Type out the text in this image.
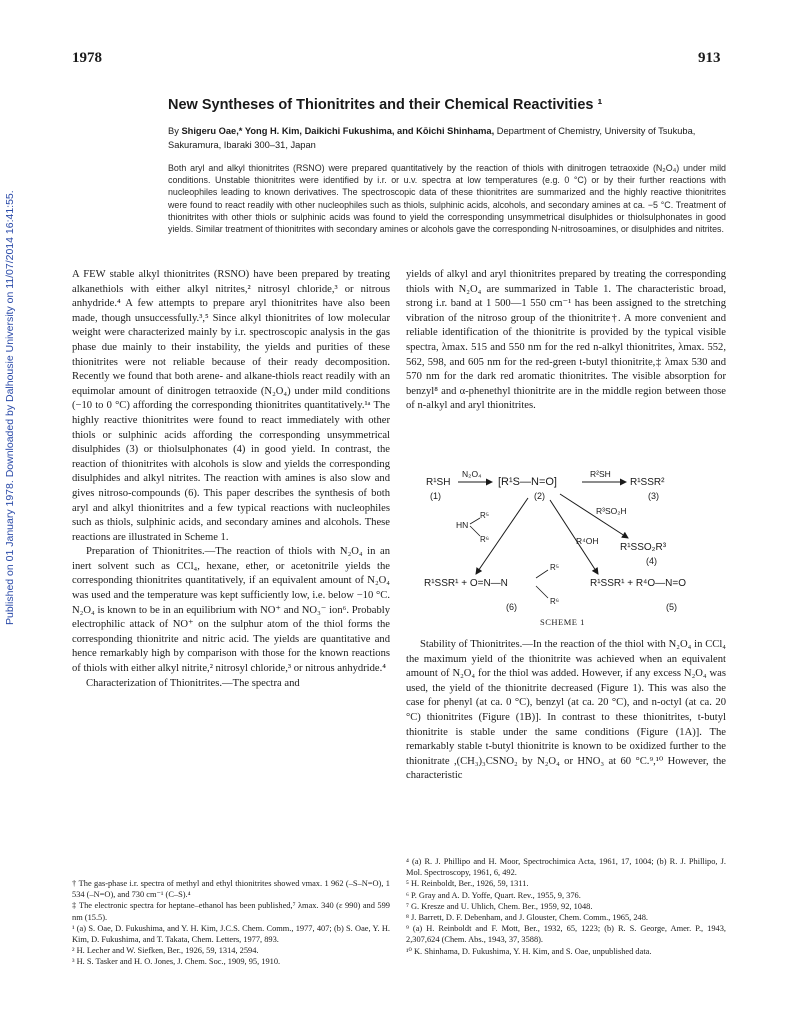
1978	913
Published on 01 January 1978. Downloaded by Dalhousie University on 11/07/2014 16:41:55.
New Syntheses of Thionitrites and their Chemical Reactivities ¹
By Shigeru Oae,* Yong H. Kim, Daikichi Fukushima, and Kōichi Shinhama, Department of Chemistry, University of Tsukuba, Sakuramura, Ibaraki 300–31, Japan
Both aryl and alkyl thionitrites (RSNO) were prepared quantitatively by the reaction of thiols with dinitrogen tetraoxide (N₂O₄) under mild conditions. Unstable thionitrites were identified by i.r. or u.v. spectra at low temperatures (e.g. 0 °C) or by their further reactions with nucleophiles leading to known derivatives. The spectroscopic data of these thionitrites are summarized and the highly reactive thionitrites were found to react readily with other nucleophiles such as thiols, sulphinic acids, alcohols, and secondary amines at ca. −5 °C. Treatment of thionitrites with other thiols or sulphinic acids was found to yield the corresponding unsymmetrical disulphides or thiolsulphonates in good yields. Similar treatment of thionitrites with secondary amines or alcohols gave the corresponding N-nitrosoamines, or disulphides and nitrites.

A FEW stable alkyl thionitrites (RSNO) have been prepared by treating alkanethiols with either alkyl nitrites,² nitrosyl chloride,³ or nitrous anhydride.⁴ A few attempts to prepare aryl thionitrites have also been made, though unsuccessfully.³,⁵ Since alkyl thionitrites of low molecular weight were characterized mainly by i.r. spectroscopic analysis in the gas phase due mainly to their instability, the yields and purities of these thionitrites were not reliable because of their ready decomposition. Recently we found that both arene- and alkane-thiols react readily with an equimolar amount of dinitrogen tetraoxide (N₂O₄) under mild conditions (−10 to 0 °C) affording the corresponding thionitrites quantitatively.¹ᵃ The highly reactive thionitrites were found to react immediately with other thiols or sulphinic acids affording the corresponding unsymmetrical disulphides (3) or thiolsulphonates (4) in good yield. In contrast, the reaction of thionitrites with alcohols is slow and yields the corresponding disulphides and alkyl nitrites. The reaction with amines is also slow and gives nitroso-compounds (6). This paper describes the synthesis of both aryl and alkyl thionitrites and a few typical reactions with nucleophiles such as thiols, sulphinic acids, and secondary amines and alcohols. These reactions are illustrated in Scheme 1.

Preparation of Thionitrites.—The reaction of thiols with N₂O₄ in an inert solvent such as CCl₄, hexane, ether, or acetonitrile yields the corresponding thionitrites quantitatively, if an equivalent amount of N₂O₄ was used and the temperature was kept sufficiently low, i.e. below −10 °C. N₂O₄ is known to be in an equilibrium with NO⁺ and NO₃⁻ ion⁶. Probably electrophilic attack of NO⁺ on the sulphur atom of the thiol forms the corresponding thionitrite and nitric acid. The yields are quantitative and hence remarkably high by comparison with those for the known reactions of thiols with either alkyl nitrite,² nitrosyl chloride,³ or nitrous anhydride.⁴

Characterization of Thionitrites.—The spectra and

yields of alkyl and aryl thionitrites prepared by treating the corresponding thiols with N₂O₄ are summarized in Table 1. The characteristic broad, strong i.r. band at 1 500—1 550 cm⁻¹ has been assigned to the stretching vibration of the nitroso group of the thionitrite†. A more convenient and reliable identification of the thionitrite is provided by the typical visible spectra, λmax. 515 and 550 nm for the red n-alkyl thionitrites, λmax. 552, 562, 598, and 605 nm for the red-green t-butyl thionitrite,‡ λmax 530 and 570 nm for the dark red aromatic thionitrites. The visible absorption for benzyl⁸ and α-phenethyl thionitrite are in the middle region between those of n-alkyl and aryl thionitrites.

R¹SH
(1)
N₂O₄
[R¹S—N=O]
(2)
R²SH
R¹SSR²
(3)
R³SO₂H
R¹SSO₂R³
(4)
HN
R⁵
R⁶	R⁴OH
R¹SSR¹ + O=N—N
R⁵
R⁶
(6)
R¹SSR¹ + R⁴O—N=O
(5)
SCHEME 1

Stability of Thionitrites.—In the reaction of the thiol with N₂O₄ in CCl₄ the maximum yield of the thionitrite was achieved when an equivalent amount of N₂O₄ for the thiol was added. However, if any excess N₂O₄ was used, the yield of the thionitrite decreased (Figure 1). This was also the case for phenyl (at ca. 0 °C), benzyl (at ca. 20 °C), and n-octyl (at ca. 20 °C) thionitrites (Figure (1B)]. In contrast to these thionitrites, t-butyl thionitrite is stable under the same conditions (Figure (1A)]. The remarkably stable t-butyl thionitrite is known to be oxidized further to the thionitrate ,(CH₃)₃CSNO₂ by N₂O₄ or HNO₃ at 60 °C.⁹,¹⁰ However, the characteristic

† The gas-phase i.r. spectra of methyl and ethyl thionitrites showed νmax. 1 962 (–S–N=O), 1 534 (–N=O), and 730 cm⁻¹ (C–S).⁴

‡ The electronic spectra for heptane–ethanol has been published,⁷ λmax. 340 (ε 990) and 599 nm (15.5).

¹ (a) S. Oae, D. Fukushima, and Y. H. Kim, J.C.S. Chem. Comm., 1977, 407; (b) S. Oae, Y. H. Kim, D. Fukushima, and T. Takata, Chem. Letters, 1977, 893.

² H. Lecher and W. Siefken, Ber., 1926, 59, 1314, 2594.

³ H. S. Tasker and H. O. Jones, J. Chem. Soc., 1909, 95, 1910.

⁴ (a) R. J. Phillipo and H. Moor, Spectrochimica Acta, 1961, 17, 1004; (b) R. J. Phillipo, J. Mol. Spectroscopy, 1961, 6, 492.

⁵ H. Reinboldt, Ber., 1926, 59, 1311.

⁶ P. Gray and A. D. Yoffe, Quart. Rev., 1955, 9, 376.

⁷ G. Kresze and U. Uhlich, Chem. Ber., 1959, 92, 1048.

⁸ J. Barrett, D. F. Debenham, and J. Glouster, Chem. Comm., 1965, 248.

⁹ (a) H. Reinboldt and F. Mott, Ber., 1932, 65, 1223; (b) R. S. George, Amer. P., 1943, 2,307,624 (Chem. Abs., 1943, 37, 3588).

¹⁰ K. Shinhama, D. Fukushima, Y. H. Kim, and S. Oae, unpublished data.
